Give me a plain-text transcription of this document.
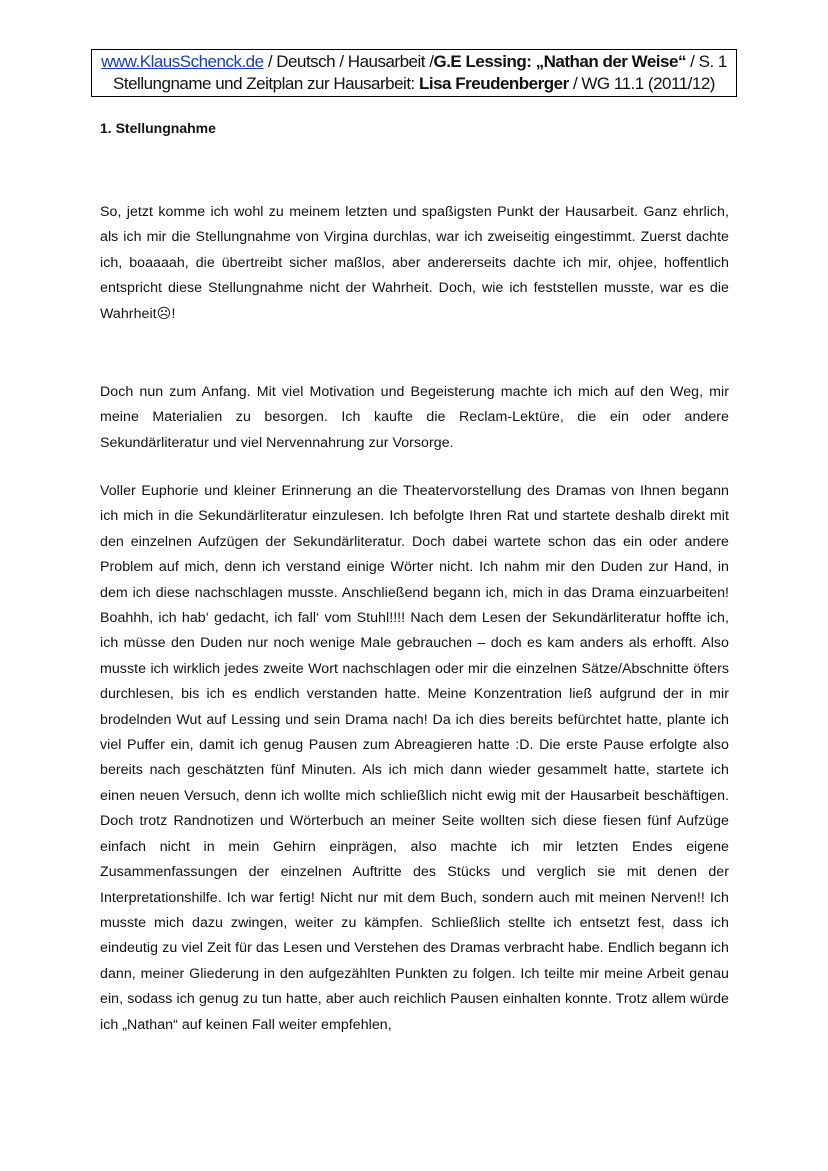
www.KlausSchenck.de / Deutsch / Hausarbeit /G.E Lessing: „Nathan der Weise“ / S. 1
Stellungname und Zeitplan zur Hausarbeit: Lisa Freudenberger / WG 11.1 (2011/12)
1. Stellungnahme

So, jetzt komme ich wohl zu meinem letzten und spaßigsten Punkt der Hausarbeit. Ganz ehrlich, als ich mir die Stellungnahme von Virgina durchlas, war ich zweiseitig eingestimmt. Zuerst dachte ich, boaaaah, die übertreibt sicher maßlos, aber andererseits dachte ich mir, ohjee, hoffentlich entspricht diese Stellungnahme nicht der Wahrheit. Doch, wie ich feststellen musste, war es die Wahrheit☹!

Doch nun zum Anfang. Mit viel Motivation und Begeisterung machte ich mich auf den Weg, mir meine Materialien zu besorgen. Ich kaufte die Reclam-Lektüre, die ein oder andere Sekundärliteratur und viel Nervennahrung zur Vorsorge.

Voller Euphorie und kleiner Erinnerung an die Theatervorstellung des Dramas von Ihnen begann ich mich in die Sekundärliteratur einzulesen. Ich befolgte Ihren Rat und startete deshalb direkt mit den einzelnen Aufzügen der Sekundärliteratur. Doch dabei wartete schon das ein oder andere Problem auf mich, denn ich verstand einige Wörter nicht. Ich nahm mir den Duden zur Hand, in dem ich diese nachschlagen musste. Anschließend begann ich, mich in das Drama einzuarbeiten! Boahhh, ich hab‘ gedacht, ich fall‘ vom Stuhl!!!! Nach dem Lesen der Sekundärliteratur hoffte ich, ich müsse den Duden nur noch wenige Male gebrauchen – doch es kam anders als erhofft. Also musste ich wirklich jedes zweite Wort nachschlagen oder mir die einzelnen Sätze/Abschnitte öfters durchlesen, bis ich es endlich verstanden hatte. Meine Konzentration ließ aufgrund der in mir brodelnden Wut auf Lessing und sein Drama nach! Da ich dies bereits befürchtet hatte, plante ich viel Puffer ein, damit ich genug Pausen zum Abreagieren hatte :D. Die erste Pause erfolgte also bereits nach geschätzten fünf Minuten. Als ich mich dann wieder gesammelt hatte, startete ich einen neuen Versuch, denn ich wollte mich schließlich nicht ewig mit der Hausarbeit beschäftigen. Doch trotz Randnotizen und Wörterbuch an meiner Seite wollten sich diese fiesen fünf Aufzüge einfach nicht in mein Gehirn einprägen, also machte ich mir letzten Endes eigene Zusammenfassungen der einzelnen Auftritte des Stücks und verglich sie mit denen der Interpretationshilfe. Ich war fertig! Nicht nur mit dem Buch, sondern auch mit meinen Nerven!! Ich musste mich dazu zwingen, weiter zu kämpfen. Schließlich stellte ich entsetzt fest, dass ich eindeutig zu viel Zeit für das Lesen und Verstehen des Dramas verbracht habe. Endlich begann ich dann, meiner Gliederung in den aufgezählten Punkten zu folgen. Ich teilte mir meine Arbeit genau ein, sodass ich genug zu tun hatte, aber auch reichlich Pausen einhalten konnte. Trotz allem würde ich „Nathan“ auf keinen Fall weiter empfehlen,
